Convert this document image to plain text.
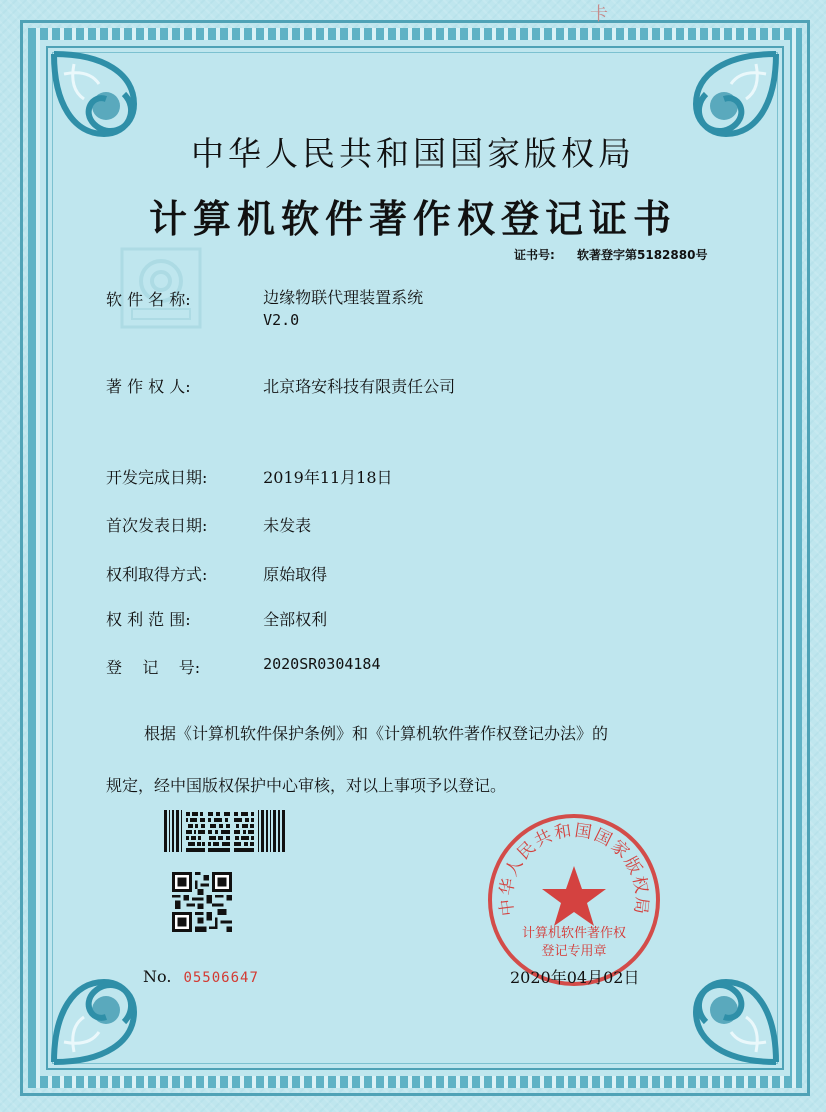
卡
中华人民共和国国家版权局
计算机软件著作权登记证书
证书号: 软著登字第5182880号
软 件 名 称:	边缘物联代理装置系统
V2.0
著 作 权 人:	北京珞安科技有限责任公司
开发完成日期:	2019年11月18日
首次发表日期:	未发表
权利取得方式:	原始取得
权 利 范 围:	全部权利
登    记    号:	2020SR0304184

根据《计算机软件保护条例》和《计算机软件著作权登记办法》的

规定，经中国版权保护中心审核，对以上事项予以登记。

No. 05506647
中华人民共和国国家版权局
计算机软件著作权
登记专用章
2020年04月02日
